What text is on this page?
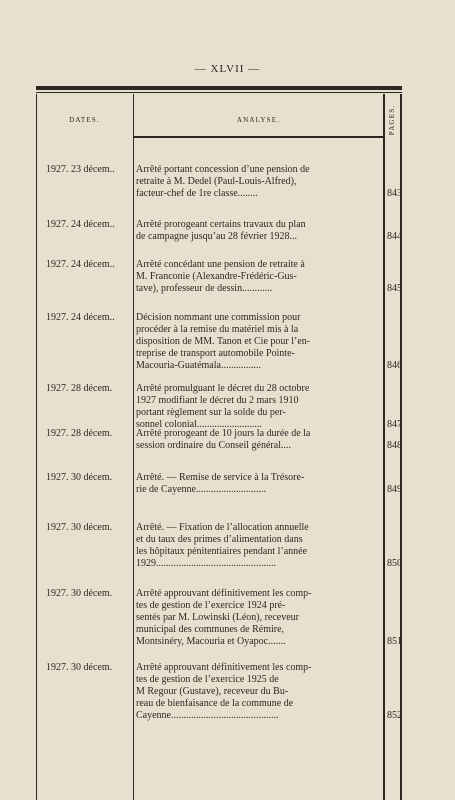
— XLVII —
DATES.	ANALYSE.	PAGES.
1927. 23 décem..	Arrêté portant concession d’une pension de
retraite à M. Dedel (Paul-Louis-Alfred),
facteur-chef de 1re classe........	843
1927. 24 décem..	Arrêté prorogeant certains travaux du plan
de campagne jusqu’au 28 février 1928...	844
1927. 24 décem..	Arrêté concédant une pension de retraite à
M. Franconie (Alexandre-Frédéric-Gus-
tave), professeur de dessin............	845
1927. 24 décem..	Décision nommant une commission pour
procéder à la remise du matériel mis à la
disposition de MM. Tanon et Cie pour l’en-
treprise de transport automobile Pointe-
Macouria-Guatémala................	846
1927. 28 décem.	Arrêté promulguant le décret du 28 octobre
1927 modifiant le décret du 2 mars 1910
portant règlement sur la solde du per-
sonnel colonial..........................	847
1927. 28 décem.	Arrêté prorogeant de 10 jours la durée de la
session ordinaire du Conseil général....	848
1927. 30 décem.	Arrêté. — Remise de service à la Trésore-
rie de Cayenne............................	849
1927. 30 décem.	Arrêté. — Fixation de l’allocation annuelle
et du taux des primes d’alimentation dans
les hôpitaux pénitentiaires pendant l’année
1929................................................	850
1927. 30 décem.	Arrêté approuvant définitivement les comp-
tes de gestion de l’exercice 1924 pré-
sentés par M. Lowinski (Léon), receveur
municipal des communes de Rémire,
Montsinéry, Macouria et Oyapoc.......	851
1927. 30 décem.	Arrêté approuvant définitivement les comp-
tes de gestion de l’exercice 1925 de
M Regour (Gustave), receveur du Bu-
reau de bienfaisance de la commune de
Cayenne...........................................	852
